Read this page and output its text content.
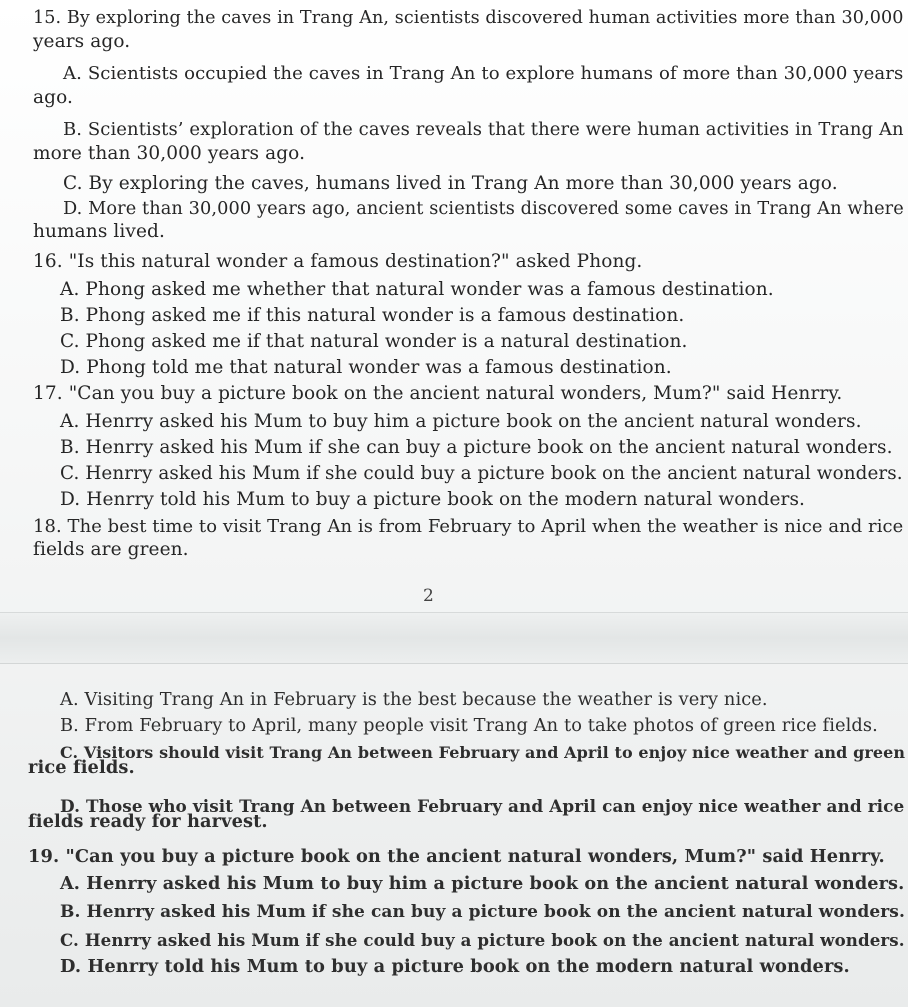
15. By exploring the caves in Trang An, scientists discovered human activities more than 30,000
years ago.
A. Scientists occupied the caves in Trang An to explore humans of more than 30,000 years
ago.
B. Scientists’ exploration of the caves reveals that there were human activities in Trang An
more than 30,000 years ago.
C. By exploring the caves, humans lived in Trang An more than 30,000 years ago.
D. More than 30,000 years ago, ancient scientists discovered some caves in Trang An where
humans lived.
16. "Is this natural wonder a famous destination?" asked Phong.
A. Phong asked me whether that natural wonder was a famous destination.
B. Phong asked me if this natural wonder is a famous destination.
C. Phong asked me if that natural wonder is a natural destination.
D. Phong told me that natural wonder was a famous destination.
17. "Can you buy a picture book on the ancient natural wonders, Mum?" said Henrry.
A. Henrry asked his Mum to buy him a picture book on the ancient natural wonders.
B. Henrry asked his Mum if she can buy a picture book on the ancient natural wonders.
C. Henrry asked his Mum if she could buy a picture book on the ancient natural wonders.
D. Henrry told his Mum to buy a picture book on the modern natural wonders.
18. The best time to visit Trang An is from February to April when the weather is nice and rice
fields are green.
2
A. Visiting Trang An in February is the best because the weather is very nice.
B. From February to April, many people visit Trang An to take photos of green rice fields.
C. Visitors should visit Trang An between February and April to enjoy nice weather and green
rice fields.
D. Those who visit Trang An between February and April can enjoy nice weather and rice
fields ready for harvest.
19. "Can you buy a picture book on the ancient natural wonders, Mum?" said Henrry.
A. Henrry asked his Mum to buy him a picture book on the ancient natural wonders.
B. Henrry asked his Mum if she can buy a picture book on the ancient natural wonders.
C. Henrry asked his Mum if she could buy a picture book on the ancient natural wonders.
D. Henrry told his Mum to buy a picture book on the modern natural wonders.
